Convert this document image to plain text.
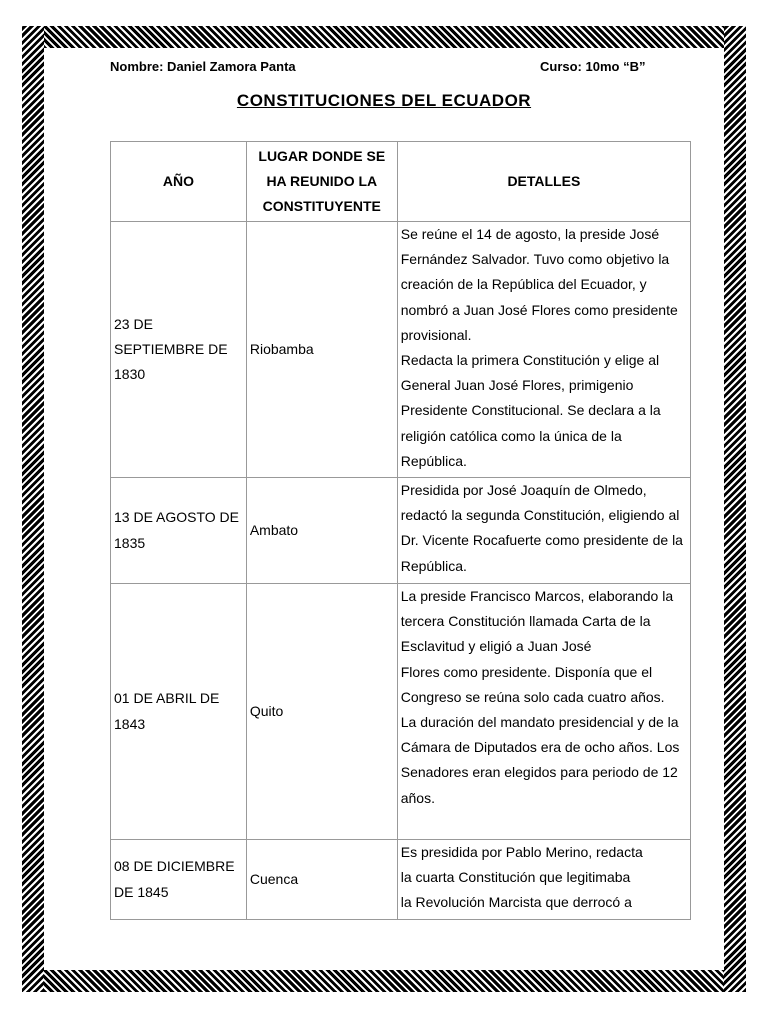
Nombre: Daniel Zamora Panta	Curso: 10mo “B”
CONSTITUCIONES DEL ECUADOR
AÑO	LUGAR DONDE SE HA REUNIDO LA CONSTITUYENTE	DETALLES
23 DE SEPTIEMBRE DE 1830	Riobamba	Se reúne el 14 de agosto, la preside José Fernández Salvador. Tuvo como objetivo la creación de la República del Ecuador, y nombró a Juan José Flores como presidente provisional.

Redacta la primera Constitución y elige al General Juan José Flores, primigenio Presidente Constitucional. Se declara a la religión católica como la única de la República.

13 DE AGOSTO DE 1835	Ambato	Presidida por José Joaquín de Olmedo, redactó la segunda Constitución, eligiendo al Dr. Vicente Rocafuerte como presidente de la República.

01 DE ABRIL DE 1843	Quito	La preside Francisco Marcos, elaborando la tercera Constitución llamada Carta de la Esclavitud y eligió a Juan José

Flores como presidente. Disponía que el Congreso se reúna solo cada cuatro años.

La duración del mandato presidencial y de la Cámara de Diputados era de ocho años. Los Senadores eran elegidos para periodo de 12 años.

08 DE DICIEMBRE DE 1845	Cuenca	Es presidida por Pablo Merino, redacta

la cuarta Constitución que legitimaba

la Revolución Marcista que derrocó a
